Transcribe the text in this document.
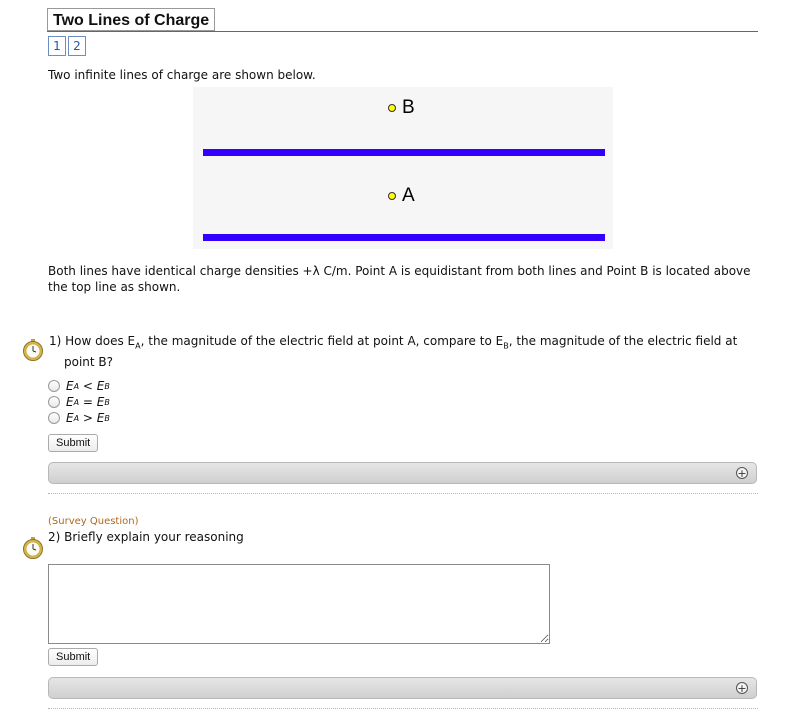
Two Lines of Charge
1	2
Two infinite lines of charge are shown below.
B
A
Both lines have identical charge densities +λ C/m. Point A is equidistant from both lines and Point B is located above the top line as shown.
1) How does $E_A$, the magnitude of the electric field at point A, compare to $E_B$, the magnitude of the electric field at
point B?
E A < E B
E A = E B
E A > E B
Submit
+
(Survey Question)
2) Briefly explain your reasoning
Submit
+
